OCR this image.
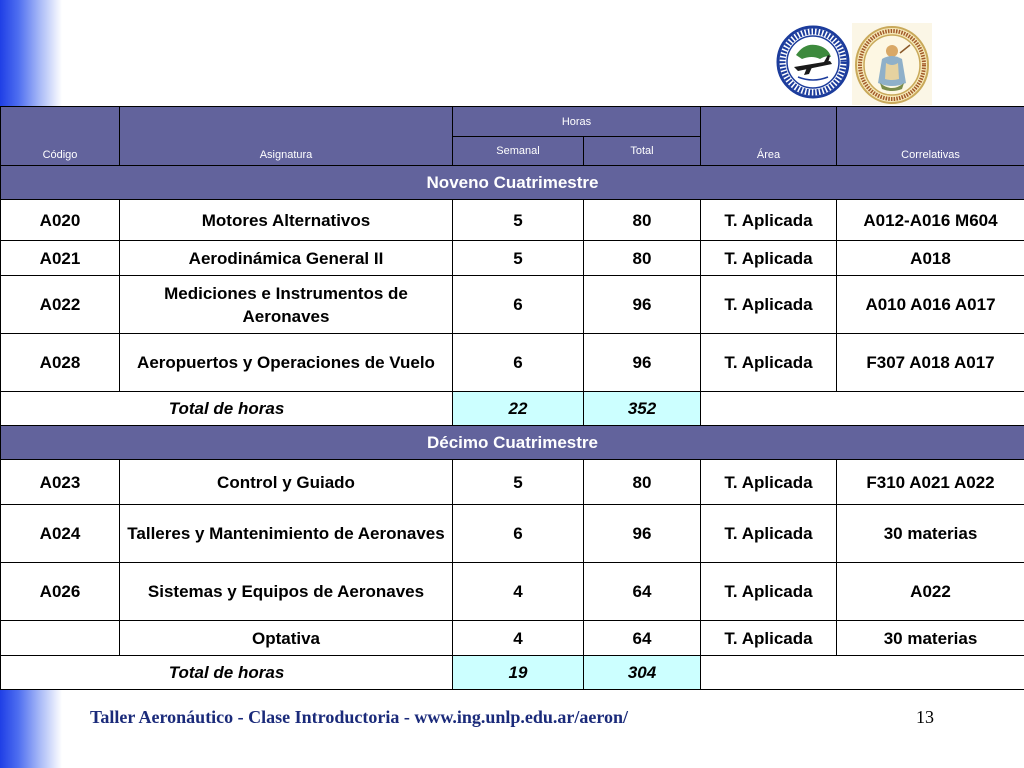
Código	Asignatura	Horas		Área	Correlativas
		Semanal	Total		
Noveno Cuatrimestre					
A020	Motores Alternativos	5	80	T. Aplicada	A012-A016 M604
A021	Aerodinámica General II	5	80	T. Aplicada	A018
A022	Mediciones e Instrumentos de Aeronaves	6	96	T. Aplicada	A010 A016 A017
A028	Aeropuertos y Operaciones de Vuelo	6	96	T. Aplicada	F307 A018 A017
Total de horas		22	352		
Décimo Cuatrimestre					
A023	Control y Guiado	5	80	T. Aplicada	F310 A021 A022
A024	Talleres y Mantenimiento de Aeronaves	6	96	T. Aplicada	30 materias
A026	Sistemas y Equipos de Aeronaves	4	64	T. Aplicada	A022
	Optativa	4	64	T. Aplicada	30 materias
Total de horas		19	304		
Taller Aeronáutico - Clase Introductoria - www.ing.unlp.edu.ar/aeron/	13
